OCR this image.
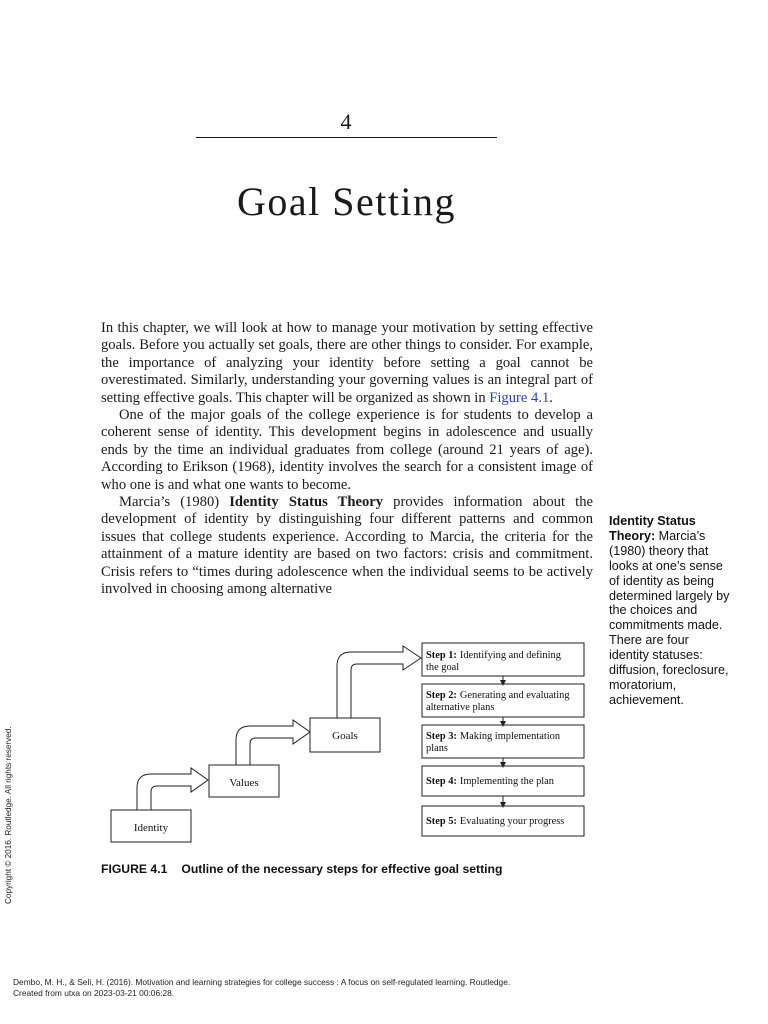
4
Goal Setting

In this chapter, we will look at how to manage your motivation by setting effective goals. Before you actually set goals, there are other things to consider. For example, the importance of analyzing your identity before setting a goal cannot be overestimated. Similarly, understanding your governing values is an integral part of setting effective goals. This chapter will be organized as shown in Figure 4.1.

One of the major goals of the college experience is for students to develop a coherent sense of identity. This development begins in adolescence and usually ends by the time an individual graduates from college (around 21 years of age). According to Erikson (1968), identity involves the search for a consistent image of who one is and what one wants to become.

Marcia’s (1980) Identity Status Theory provides information about the development of identity by distinguishing four different patterns and common issues that college students experience. According to Marcia, the criteria for the attainment of a mature identity are based on two factors: crisis and commitment. Crisis refers to “times during adolescence when the individual seems to be actively involved in choosing among alternative

Identity Status Theory: Marcia’s (1980) theory that looks at one’s sense of identity as being determined largely by the choices and commitments made. There are four identity statuses: diffusion, foreclosure, moratorium, achievement.
Identity
Values
Goals
Step 1: Identifying and defining
the goal
Step 2: Generating and evaluating
alternative plans
Step 3: Making implementation
plans
Step 4: Implementing the plan
Step 5: Evaluating your progress
FIGURE 4.1 Outline of the necessary steps for effective goal setting
Copyright © 2016. Routledge. All rights reserved.
Dembo, M. H., & Seli, H. (2016). Motivation and learning strategies for college success : A focus on self-regulated learning. Routledge.
Created from utxa on 2023-03-21 00:06:28.
